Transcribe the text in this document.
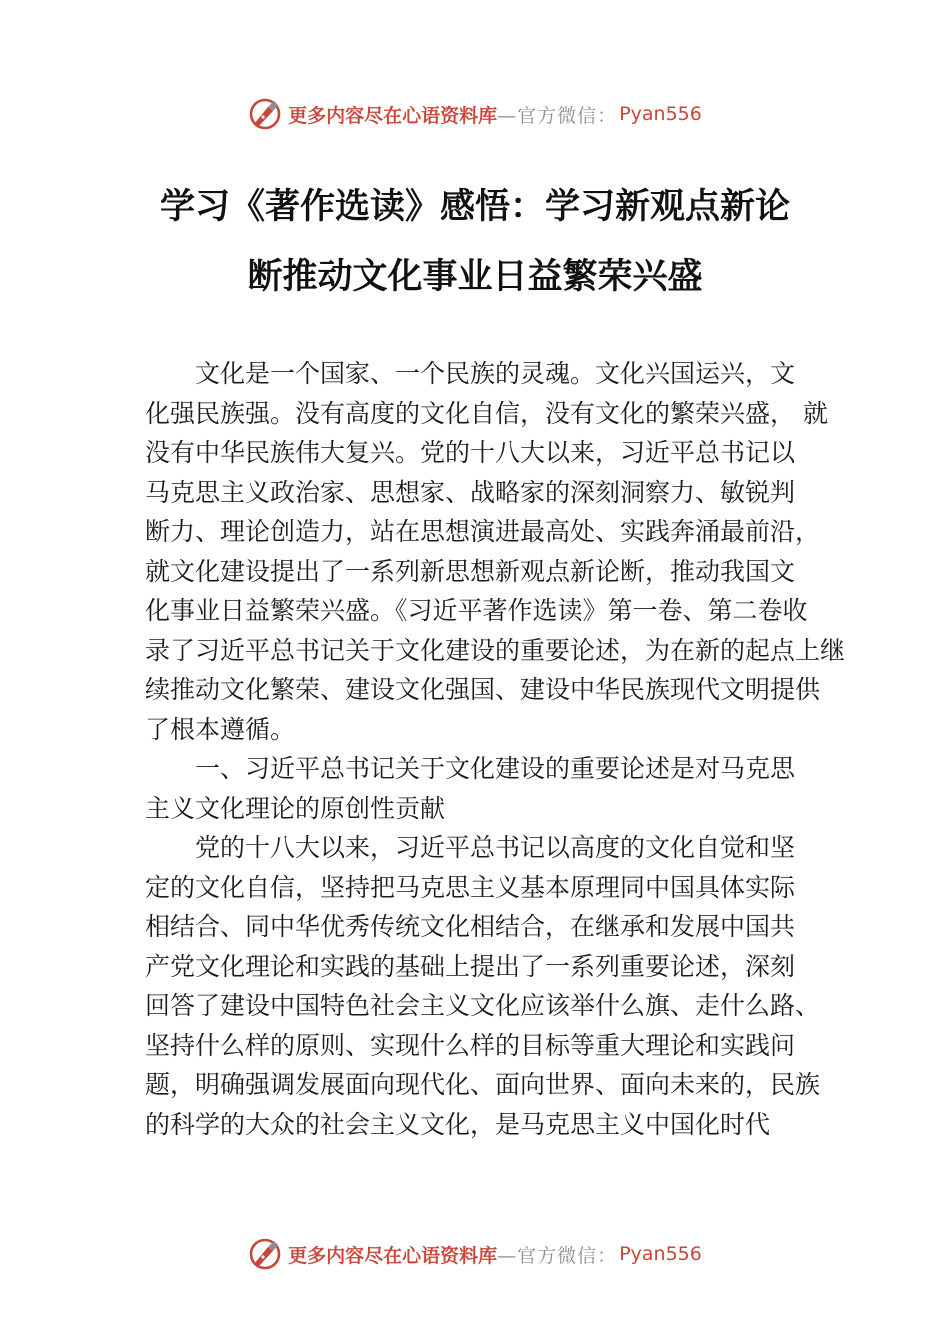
更多内容尽在心语资料库 —官方微信： Pyan556
学习《著作选读》感悟：学习新观点新论
断推动文化事业日益繁荣兴盛
文化是一个国家、一个民族的灵魂。文化兴国运兴，文
化强民族强。没有高度的文化自信，没有文化的繁荣兴盛， 就
没有中华民族伟大复兴。党的十八大以来，习近平总书记以
马克思主义政治家、思想家、战略家的深刻洞察力、敏锐判
断力、理论创造力，站在思想演进最高处、实践奔涌最前沿，
就文化建设提出了一系列新思想新观点新论断，推动我国文
化事业日益繁荣兴盛。《习近平著作选读》第一卷、第二卷收
录了习近平总书记关于文化建设的重要论述，为在新的起点上继
续推动文化繁荣、建设文化强国、建设中华民族现代文明提供
了根本遵循。
一、习近平总书记关于文化建设的重要论述是对马克思
主义文化理论的原创性贡献
党的十八大以来，习近平总书记以高度的文化自觉和坚
定的文化自信，坚持把马克思主义基本原理同中国具体实际
相结合、同中华优秀传统文化相结合，在继承和发展中国共
产党文化理论和实践的基础上提出了一系列重要论述，深刻
回答了建设中国特色社会主义文化应该举什么旗、走什么路、
坚持什么样的原则、实现什么样的目标等重大理论和实践问
题，明确强调发展面向现代化、面向世界、面向未来的，民族
的科学的大众的社会主义文化，是马克思主义中国化时代
更多内容尽在心语资料库 —官方微信： Pyan556
